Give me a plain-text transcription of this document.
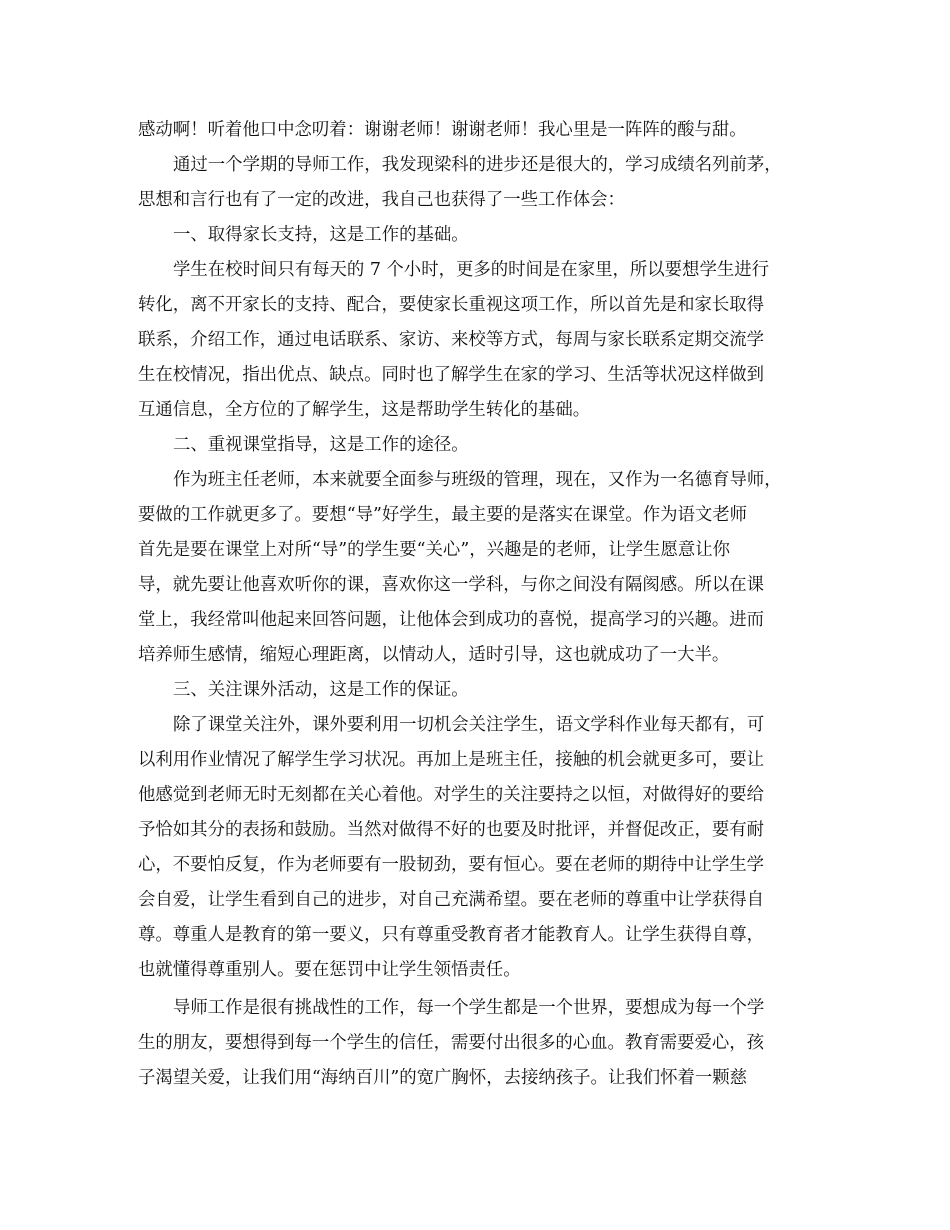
感动啊！听着他口中念叨着：谢谢老师！谢谢老师！我心里是一阵阵的酸与甜。
通过一个学期的导师工作，我发现梁科的进步还是很大的，学习成绩名列前茅，
思想和言行也有了一定的改进，我自己也获得了一些工作体会：
一、取得家长支持，这是工作的基础。
学生在校时间只有每天的 7 个小时，更多的时间是在家里，所以要想学生进行
转化，离不开家长的支持、配合，要使家长重视这项工作，所以首先是和家长取得
联系，介绍工作，通过电话联系、家访、来校等方式，每周与家长联系定期交流学
生在校情况，指出优点、缺点。同时也了解学生在家的学习、生活等状况这样做到
互通信息，全方位的了解学生，这是帮助学生转化的基础。
二、重视课堂指导，这是工作的途径。
作为班主任老师，本来就要全面参与班级的管理，现在，又作为一名德育导师，
要做的工作就更多了。要想“导”好学生，最主要的是落实在课堂。作为语文老师
首先是要在课堂上对所“导”的学生要“关心”，兴趣是的老师，让学生愿意让你
导，就先要让他喜欢听你的课，喜欢你这一学科，与你之间没有隔阂感。所以在课
堂上，我经常叫他起来回答问题，让他体会到成功的喜悦，提高学习的兴趣。进而
培养师生感情，缩短心理距离，以情动人，适时引导，这也就成功了一大半。
三、关注课外活动，这是工作的保证。
除了课堂关注外，课外要利用一切机会关注学生，语文学科作业每天都有，可
以利用作业情况了解学生学习状况。再加上是班主任，接触的机会就更多可，要让
他感觉到老师无时无刻都在关心着他。对学生的关注要持之以恒，对做得好的要给
予恰如其分的表扬和鼓励。当然对做得不好的也要及时批评，并督促改正，要有耐
心，不要怕反复，作为老师要有一股韧劲，要有恒心。要在老师的期待中让学生学
会自爱，让学生看到自己的进步，对自己充满希望。要在老师的尊重中让学获得自
尊。尊重人是教育的第一要义，只有尊重受教育者才能教育人。让学生获得自尊，
也就懂得尊重别人。要在惩罚中让学生领悟责任。
导师工作是很有挑战性的工作，每一个学生都是一个世界，要想成为每一个学
生的朋友，要想得到每一个学生的信任，需要付出很多的心血。教育需要爱心，孩
子渴望关爱，让我们用“海纳百川”的宽广胸怀，去接纳孩子。让我们怀着一颗慈
